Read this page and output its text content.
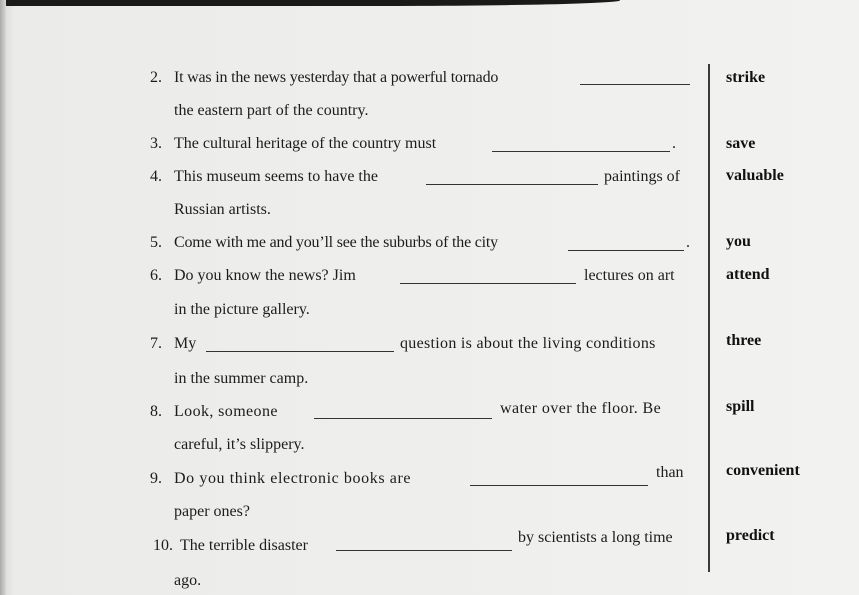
2. It was in the news yesterday that a powerful tornado
the eastern part of the country.
strike
3. The cultural heritage of the country must	.	save
4. This museum seems to have the	paintings of
Russian artists.
valuable
5. Come with me and you’ll see the suburbs of the city	. you
6. Do you know the news? Jim	lectures on art
in the picture gallery.
attend
7. My	question is about the living conditions
in the summer camp.
three
8. Look, someone	water over the floor. Be
careful, it’s slippery.
spill
9. Do you think electronic books are	than
paper ones?
convenient
10. The terrible disaster	by scientists a long time
ago.
predict
